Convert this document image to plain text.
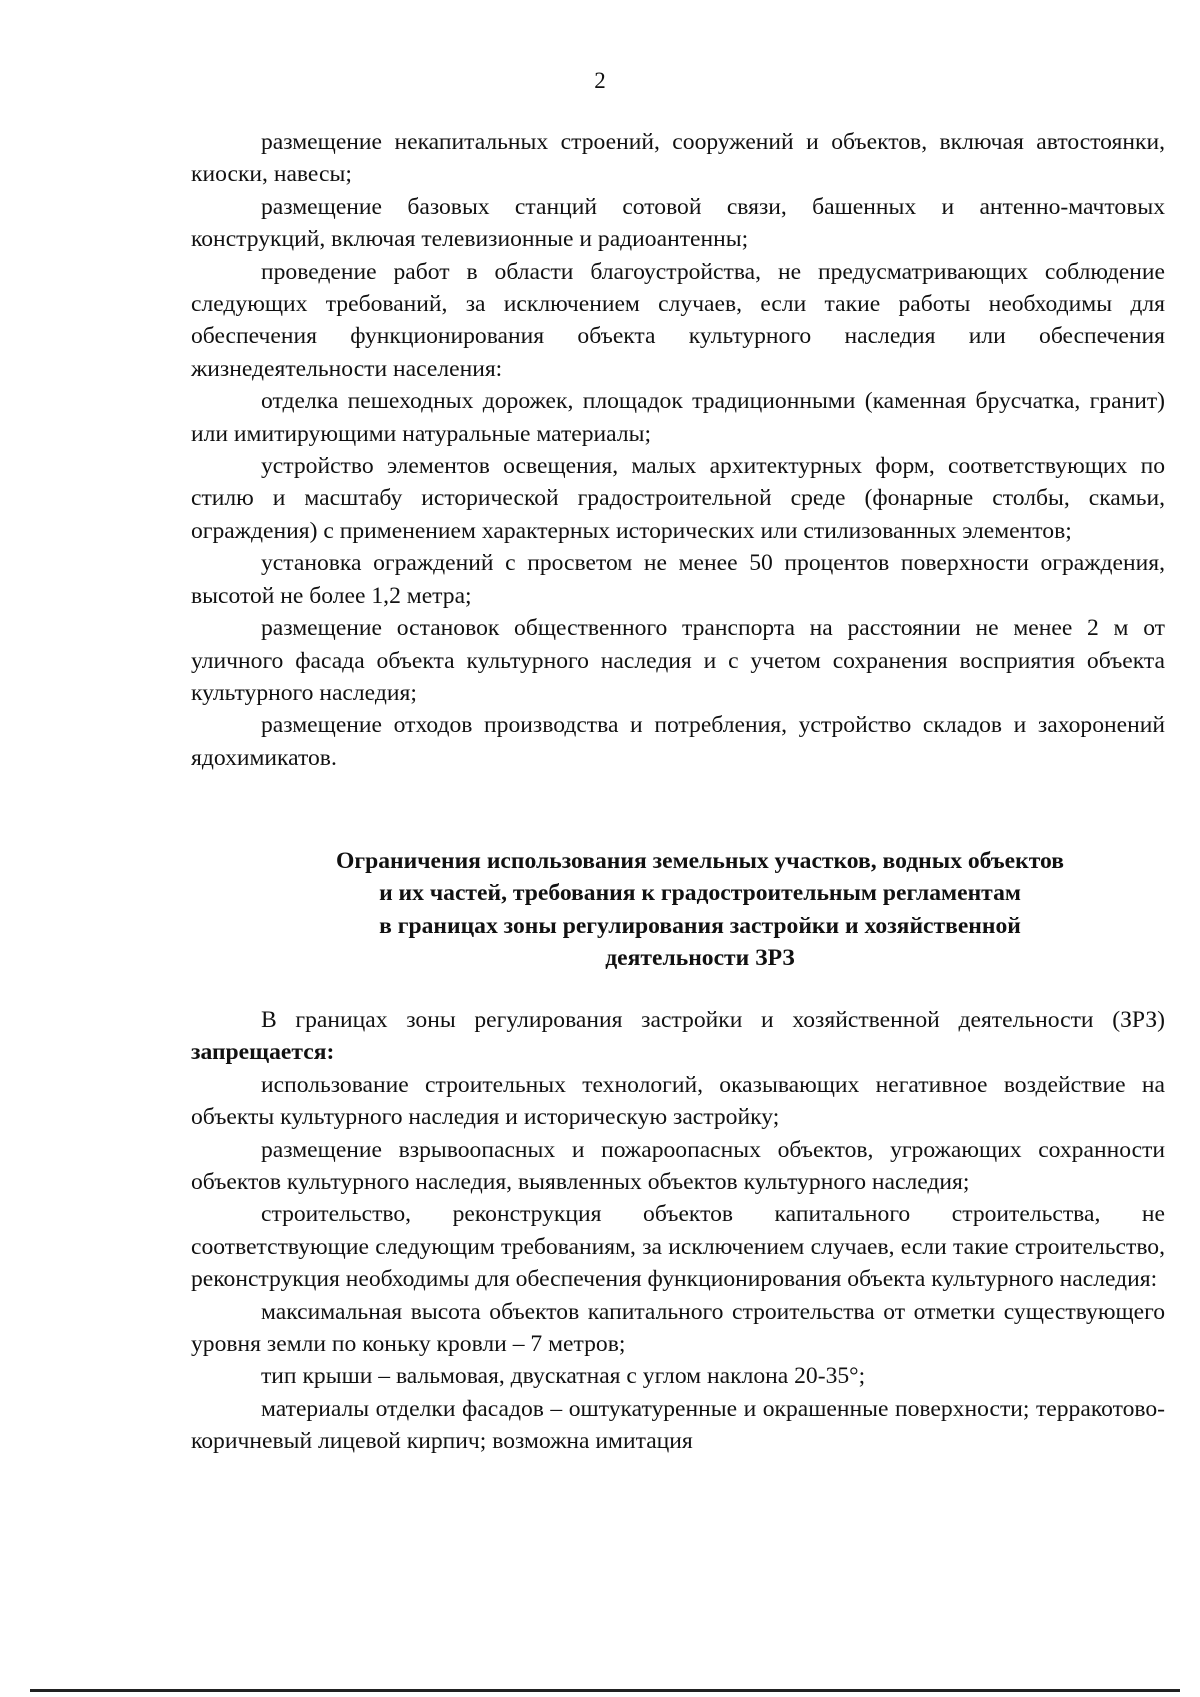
2

размещение некапитальных строений, сооружений и объектов, включая автостоянки, киоски, навесы;

размещение базовых станций сотовой связи, башенных и антенно-мачтовых конструкций, включая телевизионные и радиоантенны;

проведение работ в области благоустройства, не предусматривающих соблюдение следующих требований, за исключением случаев, если такие работы необходимы для обеспечения функционирования объекта культурного наследия или обеспечения жизнедеятельности населения:

отделка пешеходных дорожек, площадок традиционными (каменная брусчатка, гранит) или имитирующими натуральные материалы;

устройство элементов освещения, малых архитектурных форм, соответствующих по стилю и масштабу исторической градостроительной среде (фонарные столбы, скамьи, ограждения) с применением характерных исторических или стилизованных элементов;

установка ограждений с просветом не менее 50 процентов поверхности ограждения, высотой не более 1,2 метра;

размещение остановок общественного транспорта на расстоянии не менее 2 м от уличного фасада объекта культурного наследия и с учетом сохранения восприятия объекта культурного наследия;

размещение отходов производства и потребления, устройство складов и захоронений ядохимикатов.

Ограничения использования земельных участков, водных объектов
и их частей, требования к градостроительным регламентам
в границах зоны регулирования застройки и хозяйственной
деятельности ЗРЗ

В границах зоны регулирования застройки и хозяйственной деятельности (ЗРЗ) запрещается:

использование строительных технологий, оказывающих негативное воздействие на объекты культурного наследия и историческую застройку;

размещение взрывоопасных и пожароопасных объектов, угрожающих сохранности объектов культурного наследия, выявленных объектов культурного наследия;

строительство, реконструкция объектов капитального строительства, не соответствующие следующим требованиям, за исключением случаев, если такие строительство, реконструкция необходимы для обеспечения функционирования объекта культурного наследия:

максимальная высота объектов капитального строительства от отметки существующего уровня земли по коньку кровли – 7 метров;

тип крыши – вальмовая, двускатная с углом наклона 20-35°;

материалы отделки фасадов – оштукатуренные и окрашенные поверхности; терракотово-коричневый лицевой кирпич; возможна имитация
